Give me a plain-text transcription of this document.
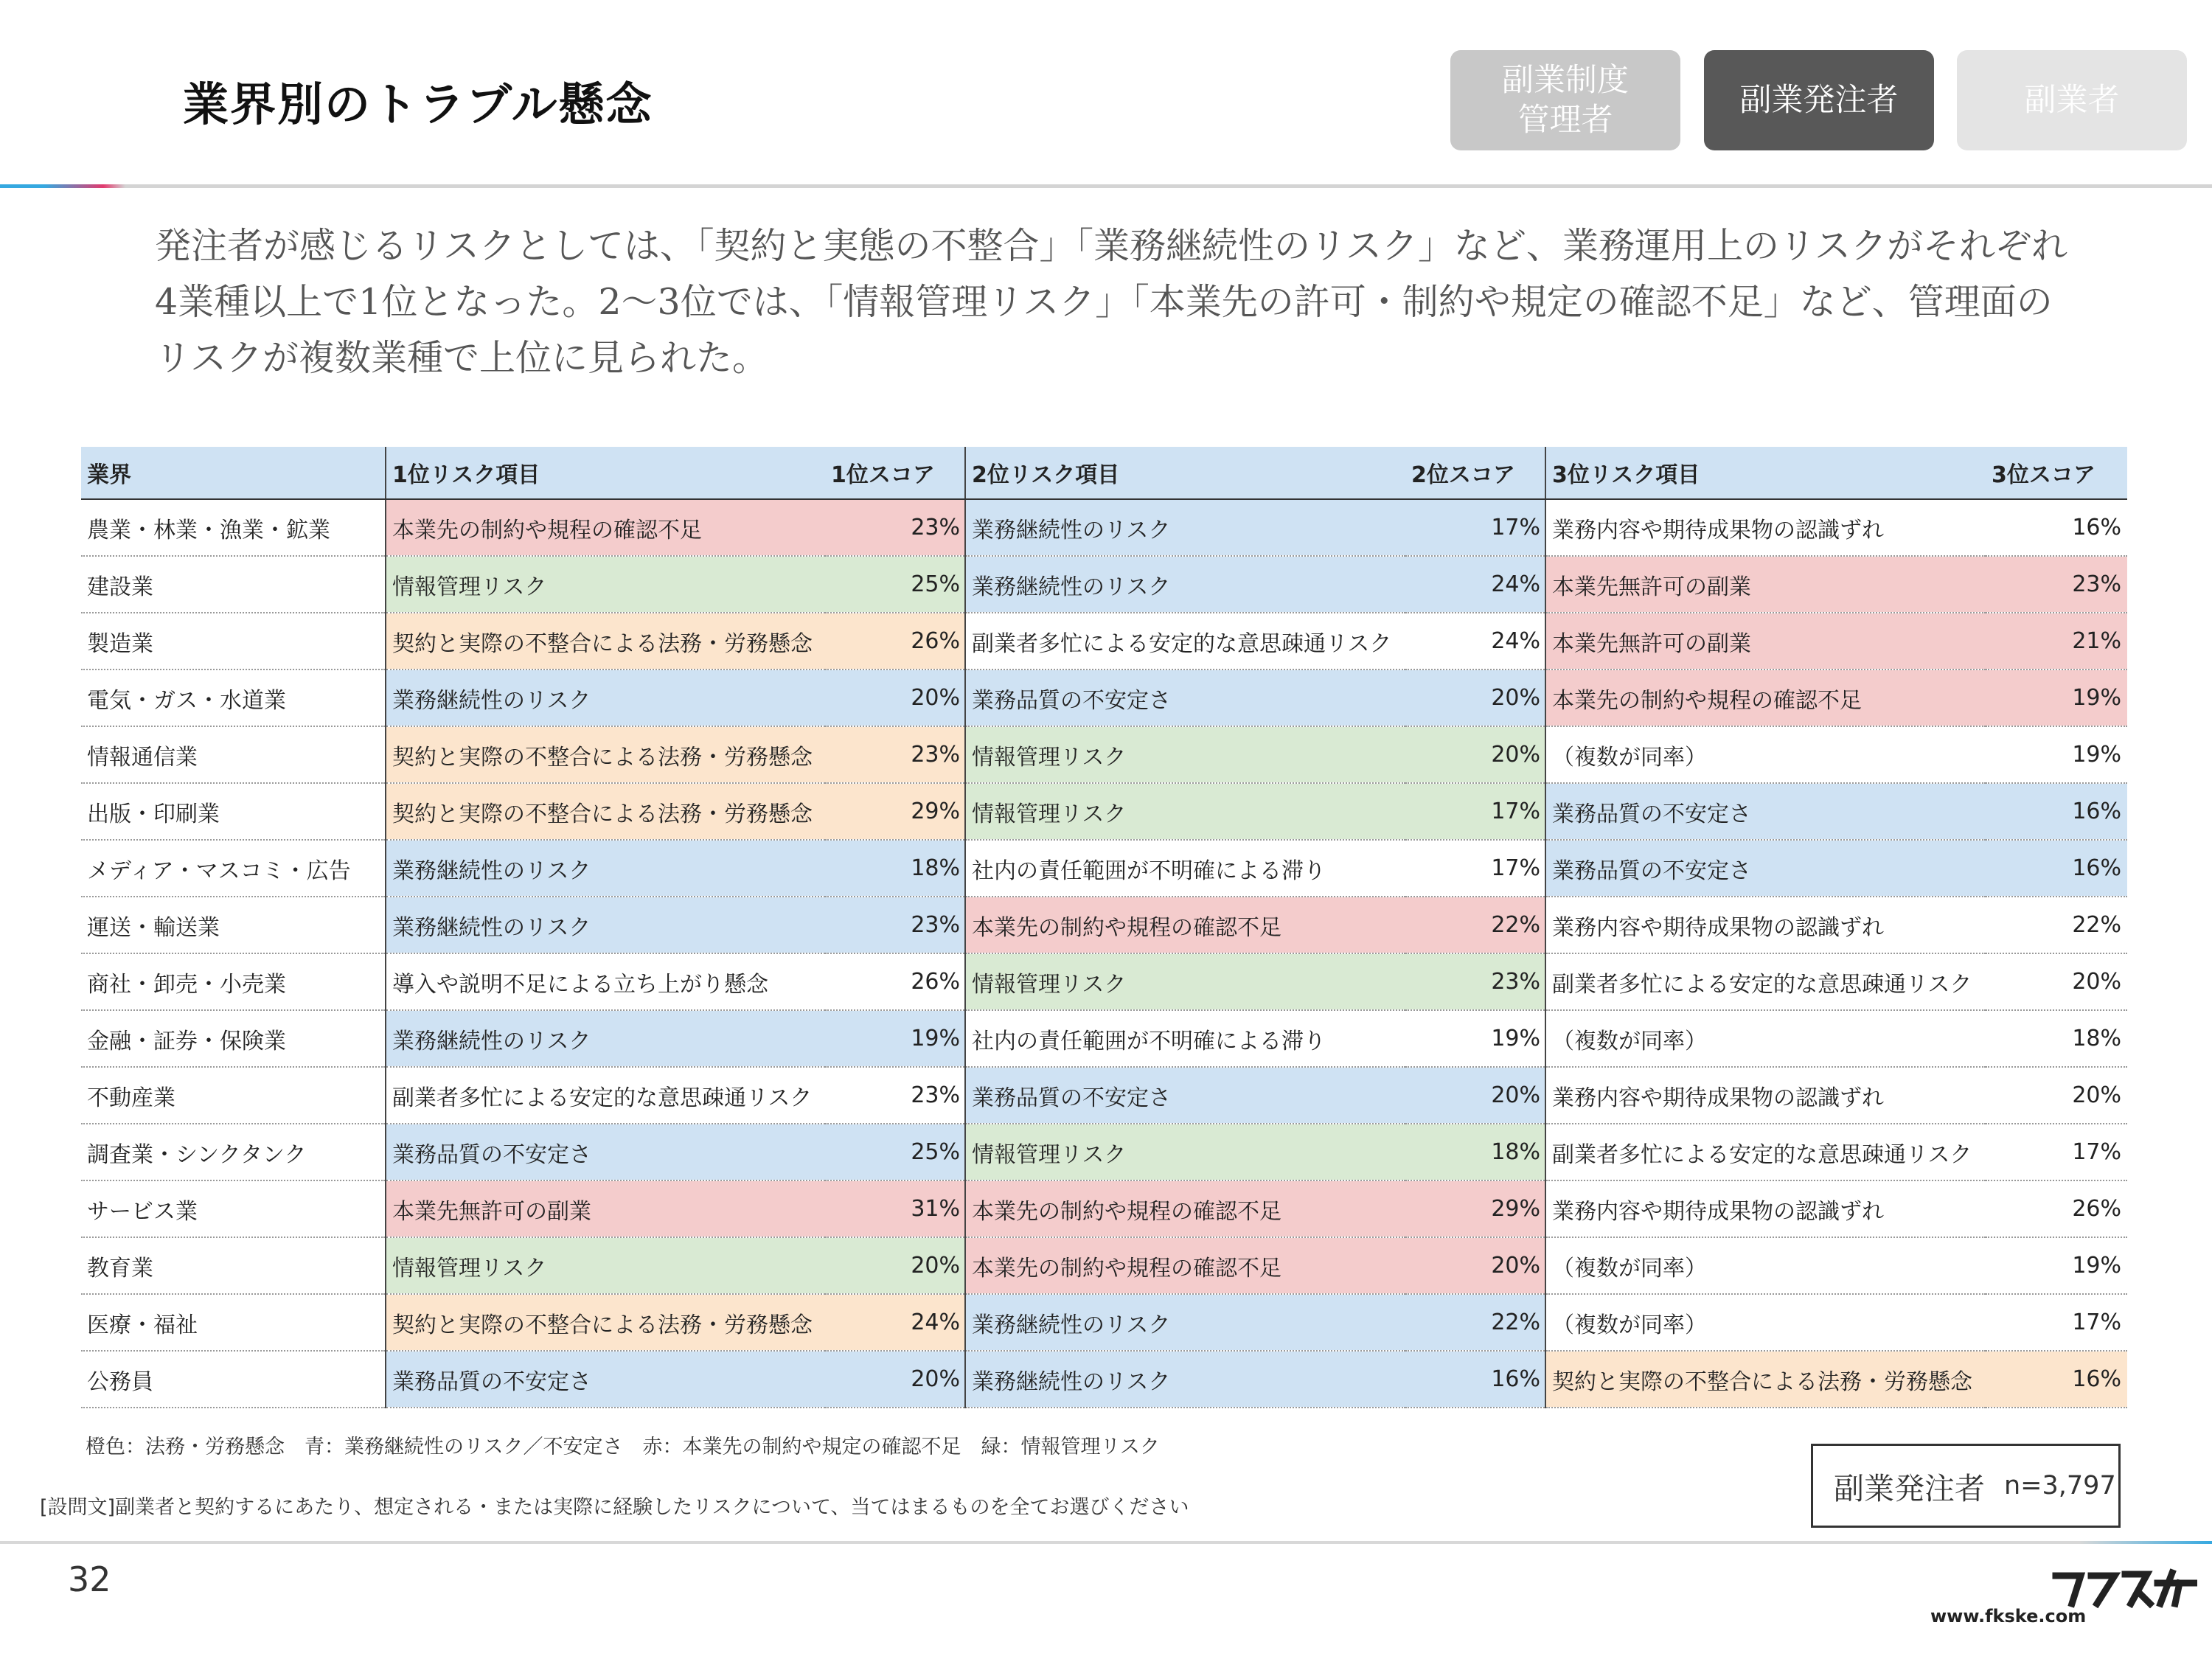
業界別のトラブル懸念	副業制度
管理者
副業発注者	副業者
発注者が感じるリスクとしては、「契約と実態の不整合」「業務継続性のリスク」など、業務運用上のリスクがそれぞれ4業種以上で1位となった。2〜3位では、「情報管理リスク」「本業先の許可・制約や規定の確認不足」など、管理面のリスクが複数業種で上位に見られた。
業界	1位リスク項目	1位スコア	2位リスク項目	2位スコア	3位リスク項目	3位スコア
農業・林業・漁業・鉱業	本業先の制約や規程の確認不足	23%	業務継続性のリスク	17%	業務内容や期待成果物の認識ずれ	16%
建設業	情報管理リスク	25%	業務継続性のリスク	24%	本業先無許可の副業	23%
製造業	契約と実際の不整合による法務・労務懸念	26%	副業者多忙による安定的な意思疎通リスク	24%	本業先無許可の副業	21%
電気・ガス・水道業	業務継続性のリスク	20%	業務品質の不安定さ	20%	本業先の制約や規程の確認不足	19%
情報通信業	契約と実際の不整合による法務・労務懸念	23%	情報管理リスク	20%	（複数が同率）	19%
出版・印刷業	契約と実際の不整合による法務・労務懸念	29%	情報管理リスク	17%	業務品質の不安定さ	16%
メディア・マスコミ・広告	業務継続性のリスク	18%	社内の責任範囲が不明確による滞り	17%	業務品質の不安定さ	16%
運送・輸送業	業務継続性のリスク	23%	本業先の制約や規程の確認不足	22%	業務内容や期待成果物の認識ずれ	22%
商社・卸売・小売業	導入や説明不足による立ち上がり懸念	26%	情報管理リスク	23%	副業者多忙による安定的な意思疎通リスク	20%
金融・証券・保険業	業務継続性のリスク	19%	社内の責任範囲が不明確による滞り	19%	（複数が同率）	18%
不動産業	副業者多忙による安定的な意思疎通リスク	23%	業務品質の不安定さ	20%	業務内容や期待成果物の認識ずれ	20%
調査業・シンクタンク	業務品質の不安定さ	25%	情報管理リスク	18%	副業者多忙による安定的な意思疎通リスク	17%
サービス業	本業先無許可の副業	31%	本業先の制約や規程の確認不足	29%	業務内容や期待成果物の認識ずれ	26%
教育業	情報管理リスク	20%	本業先の制約や規程の確認不足	20%	（複数が同率）	19%
医療・福祉	契約と実際の不整合による法務・労務懸念	24%	業務継続性のリスク	22%	（複数が同率）	17%
公務員	業務品質の不安定さ	20%	業務継続性のリスク	16%	契約と実際の不整合による法務・労務懸念	16%
橙色：法務・労務懸念　青：業務継続性のリスク／不安定さ　赤：本業先の制約や規定の確認不足　緑：情報管理リスク
[設問文]副業者と契約するにあたり、想定される・または実際に経験したリスクについて、当てはまるものを全てお選びください
副業発注者 n=3,797
32
www.fkske.com
